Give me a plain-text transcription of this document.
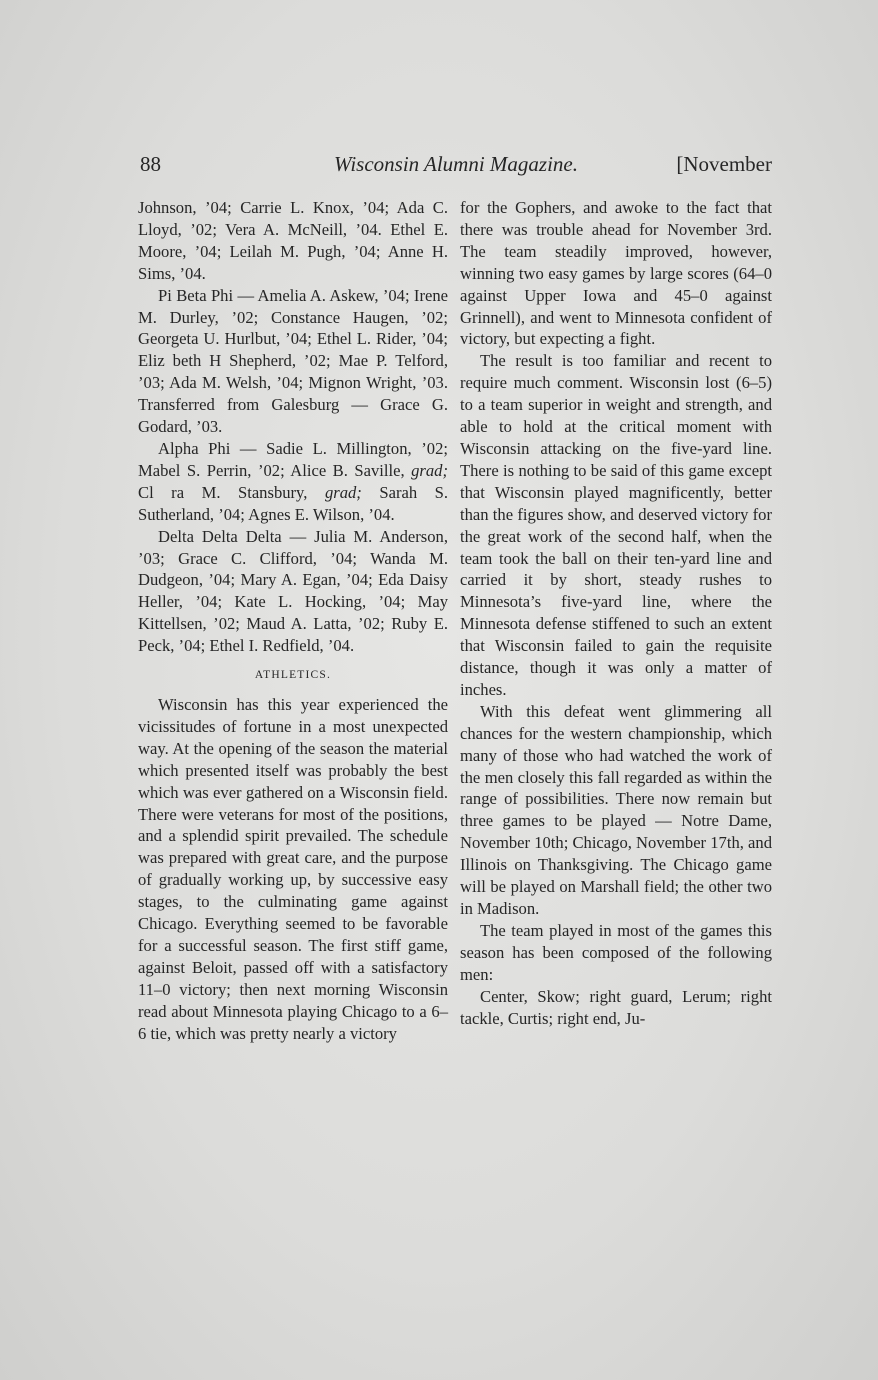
88	Wisconsin Alumni Magazine.	[November

Johnson, ’04; Carrie L. Knox, ’04; Ada C. Lloyd, ’02; Vera A. McNeill, ’04. Ethel E. Moore, ’04; Leilah M. Pugh, ’04; Anne H. Sims, ’04.

Pi Beta Phi — Amelia A. Askew, ’04; Irene M. Durley, ’02; Constance Haugen, ’02; Georgeta U. Hurlbut, ’04; Ethel L. Rider, ’04; Eliz beth H Shepherd, ’02; Mae P. Telford, ’03; Ada M. Welsh, ’04; Mignon Wright, ’03. Transferred from Galesburg — Grace G. Godard, ’03.

Alpha Phi — Sadie L. Millington, ’02; Mabel S. Perrin, ’02; Alice B. Saville, grad; Cl ra M. Stansbury, grad; Sarah S. Sutherland, ’04; Agnes E. Wilson, ’04.

Delta Delta Delta — Julia M. Anderson, ’03; Grace C. Clifford, ’04; Wanda M. Dudgeon, ’04; Mary A. Egan, ’04; Eda Daisy Heller, ’04; Kate L. Hocking, ’04; May Kittellsen, ’02; Maud A. Latta, ’02; Ruby E. Peck, ’04; Ethel I. Redfield, ’04.

ATHLETICS.

Wisconsin has this year experienced the vicissitudes of fortune in a most unexpected way. At the opening of the season the material which presented itself was probably the best which was ever gathered on a Wisconsin field. There were veterans for most of the positions, and a splendid spirit prevailed. The schedule was prepared with great care, and the purpose of gradually working up, by successive easy stages, to the culminating game against Chicago. Everything seemed to be favorable for a successful season. The first stiff game, against Beloit, passed off with a satisfactory 11–0 victory; then next morning Wisconsin read about Minnesota playing Chicago to a 6–6 tie, which was pretty nearly a victory

for the Gophers, and awoke to the fact that there was trouble ahead for November 3rd. The team steadily improved, however, winning two easy games by large scores (64–0 against Upper Iowa and 45–0 against Grinnell), and went to Minnesota confident of victory, but expecting a fight.

The result is too familiar and recent to require much comment. Wisconsin lost (6–5) to a team superior in weight and strength, and able to hold at the critical moment with Wisconsin attacking on the five-yard line. There is nothing to be said of this game except that Wisconsin played magnificently, better than the figures show, and deserved victory for the great work of the second half, when the team took the ball on their ten-yard line and carried it by short, steady rushes to Minnesota’s five-yard line, where the Minnesota defense stiffened to such an extent that Wisconsin failed to gain the requisite distance, though it was only a matter of inches.

With this defeat went glimmering all chances for the western championship, which many of those who had watched the work of the men closely this fall regarded as within the range of possibilities. There now remain but three games to be played — Notre Dame, November 10th; Chicago, November 17th, and Illinois on Thanksgiving. The Chicago game will be played on Marshall field; the other two in Madison.

The team played in most of the games this season has been composed of the following men:

Center, Skow; right guard, Lerum; right tackle, Curtis; right end, Ju-
